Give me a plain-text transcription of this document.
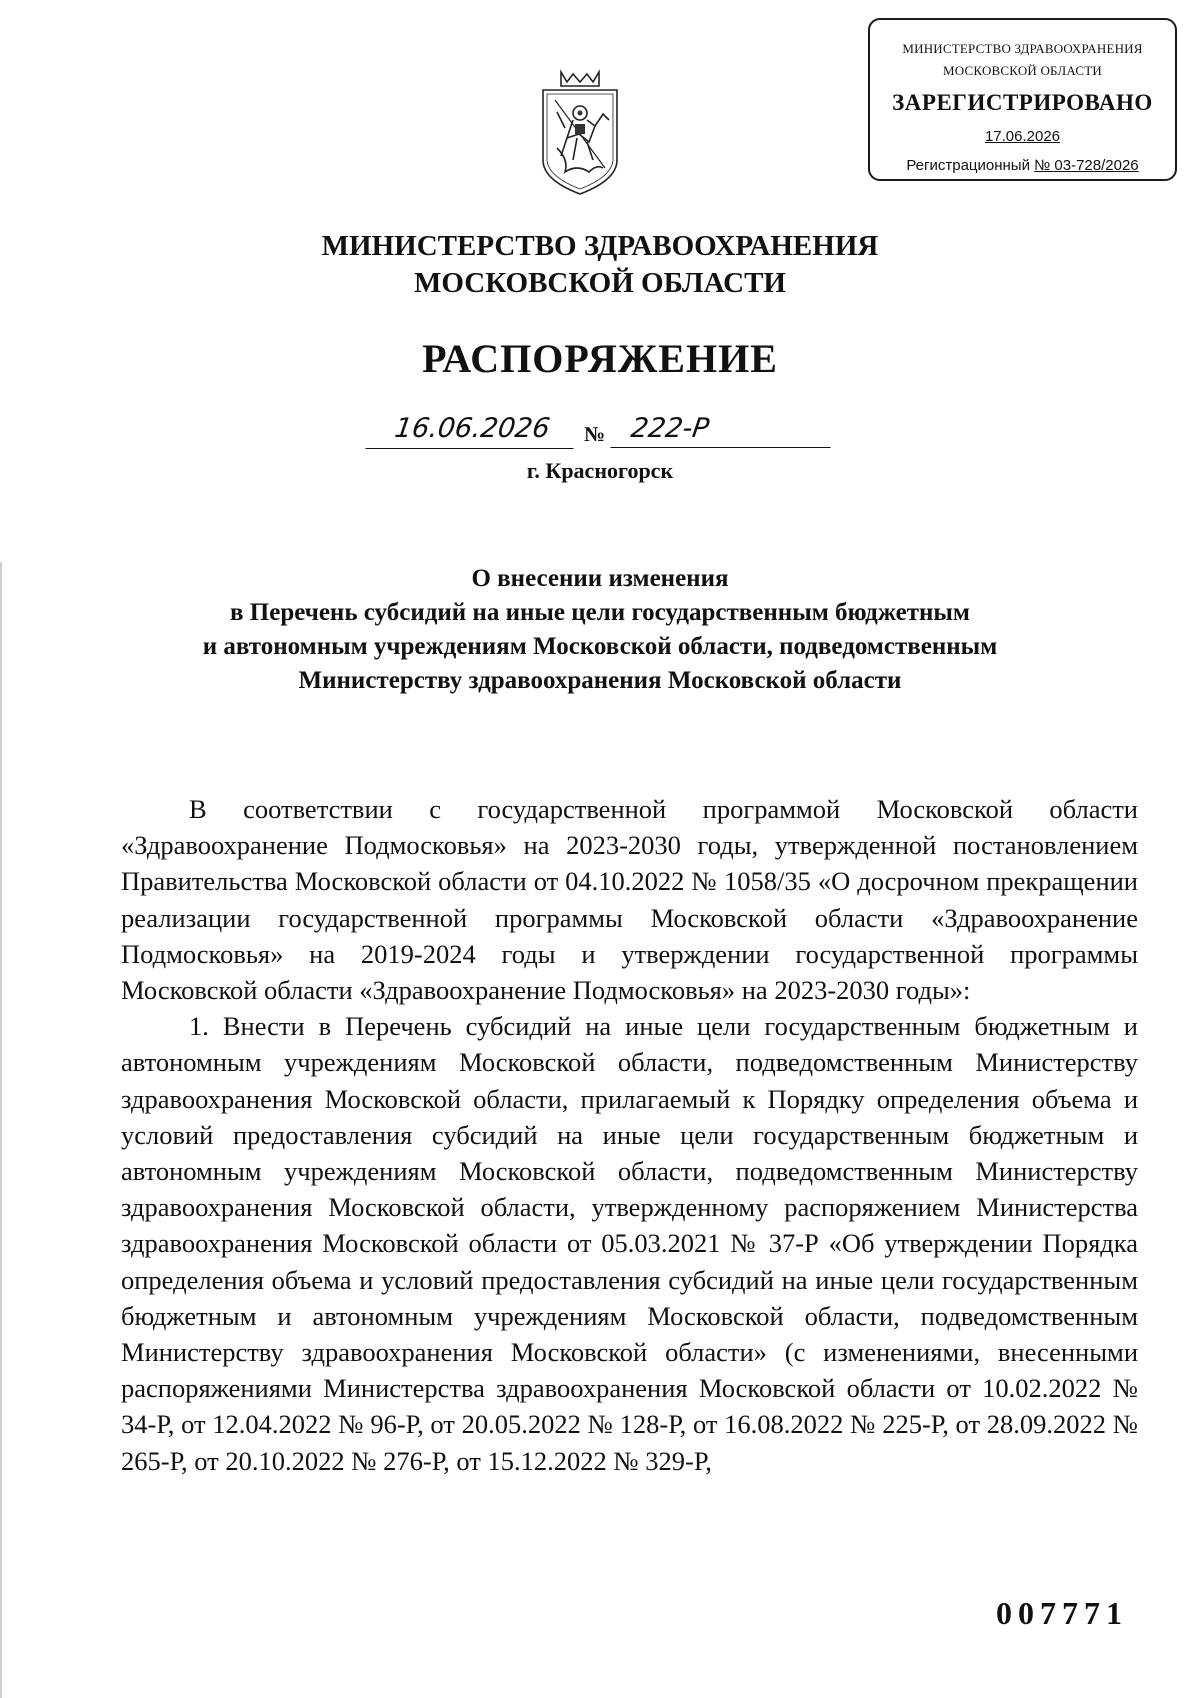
МИНИСТЕРСТВО ЗДРАВООХРАНЕНИЯ
МОСКОВСКОЙ ОБЛАСТИ
ЗАРЕГИСТРИРОВАНО
17.06.2026
Регистрационный № 03-728/2026
МИНИСТЕРСТВО ЗДРАВООХРАНЕНИЯ
МОСКОВСКОЙ ОБЛАСТИ
РАСПОРЯЖЕНИЕ
16.06.2026	№ 222-Р
г. Красногорск
О внесении изменения
в Перечень субсидий на иные цели государственным бюджетным
и автономным учреждениям Московской области, подведомственным
Министерству здравоохранения Московской области

В соответствии с государственной программой Московской области «Здравоохранение Подмосковья» на 2023-2030 годы, утвержденной постановлением Правительства Московской области от 04.10.2022 № 1058/35 «О досрочном прекращении реализации государственной программы Московской области «Здравоохранение Подмосковья» на 2019-2024 годы и утверждении государственной программы Московской области «Здравоохранение Подмосковья» на 2023-2030 годы»:

1. Внести в Перечень субсидий на иные цели государственным бюджетным и автономным учреждениям Московской области, подведомственным Министерству здравоохранения Московской области, прилагаемый к Порядку определения объема и условий предоставления субсидий на иные цели государственным бюджетным и автономным учреждениям Московской области, подведомственным Министерству здравоохранения Московской области, утвержденному распоряжением Министерства здравоохранения Московской области от 05.03.2021 № 37-Р «Об утверждении Порядка определения объема и условий предоставления субсидий на иные цели государственным бюджетным и автономным учреждениям Московской области, подведомственным Министерству здравоохранения Московской области» (с изменениями, внесенными распоряжениями Министерства здравоохранения Московской области от 10.02.2022 № 34-Р, от 12.04.2022 № 96-Р, от 20.05.2022 № 128-Р, от 16.08.2022 № 225-Р, от 28.09.2022 № 265-Р, от 20.10.2022 № 276-Р, от 15.12.2022 № 329-Р,

007771
